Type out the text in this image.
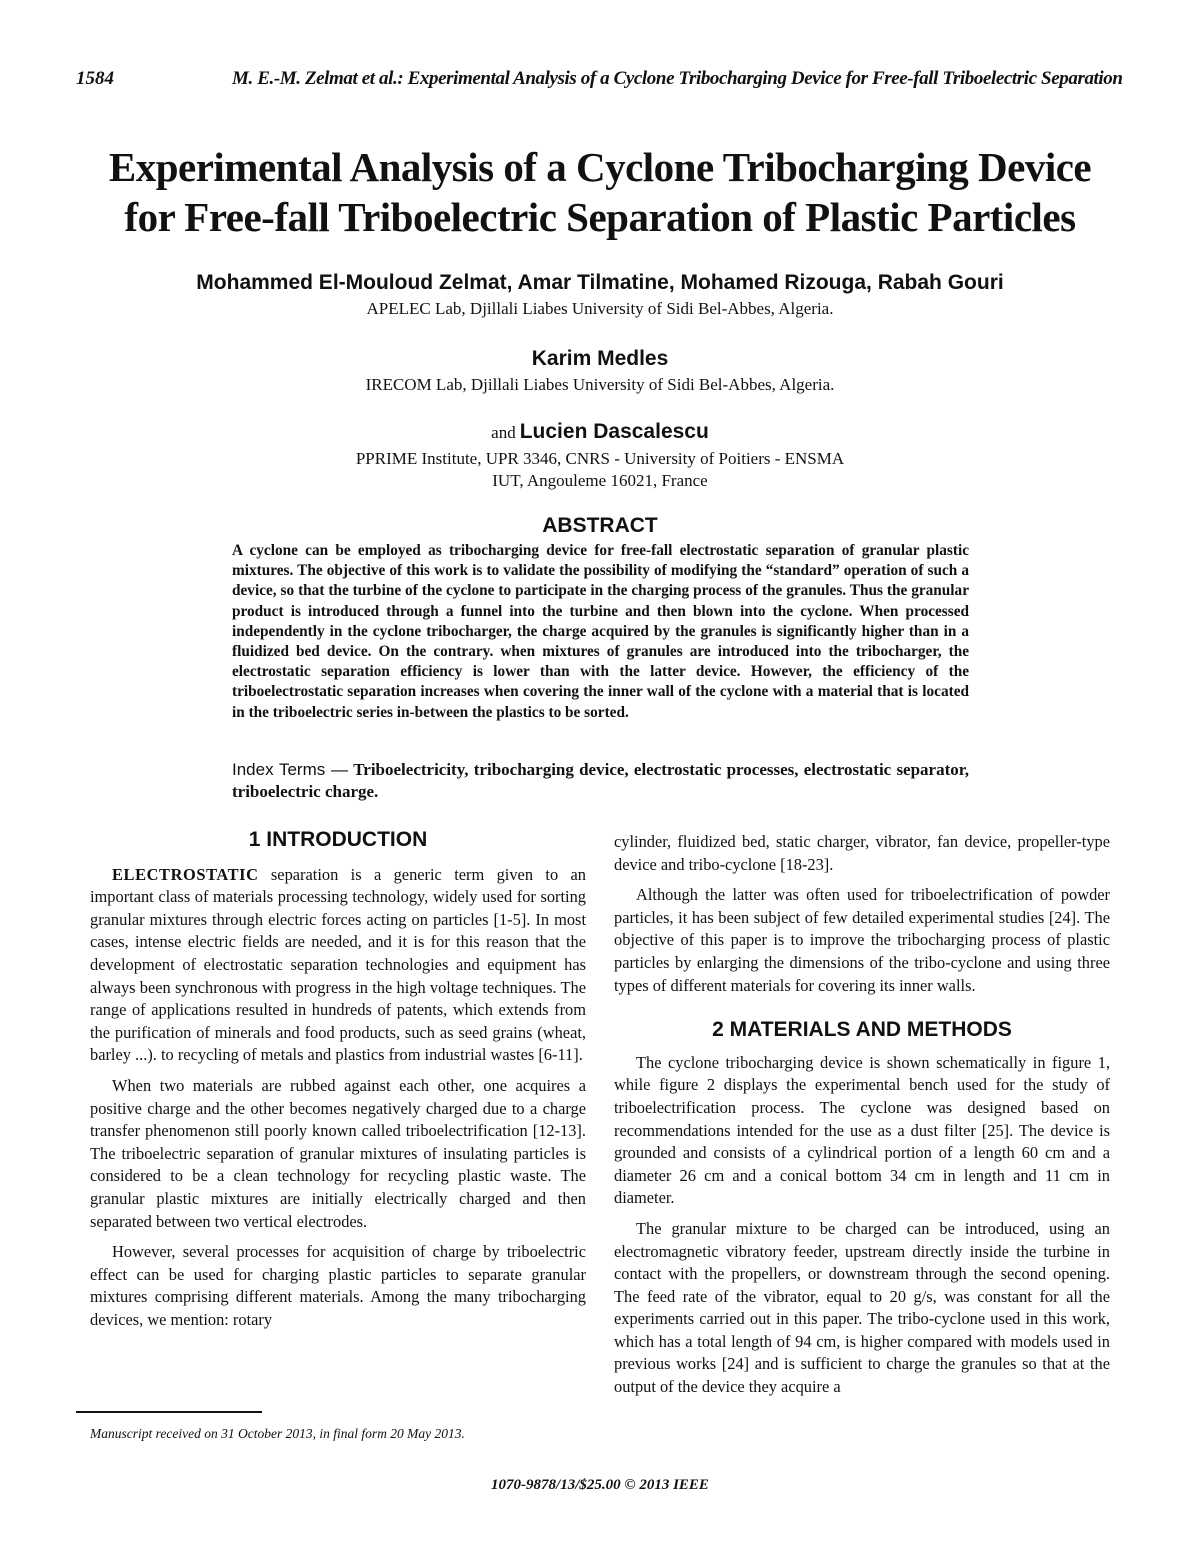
1584	M. E.-M. Zelmat et al.: Experimental Analysis of a Cyclone Tribocharging Device for Free-fall Triboelectric Separation
Experimental Analysis of a Cyclone Tribocharging Device
for Free-fall Triboelectric Separation of Plastic Particles
Mohammed El-Mouloud Zelmat, Amar Tilmatine, Mohamed Rizouga, Rabah Gouri
APELEC Lab, Djillali Liabes University of Sidi Bel-Abbes, Algeria.
Karim Medles
IRECOM Lab, Djillali Liabes University of Sidi Bel-Abbes, Algeria.
and Lucien Dascalescu
PPRIME Institute, UPR 3346, CNRS - University of Poitiers - ENSMA
IUT, Angouleme 16021, France
ABSTRACT
A cyclone can be employed as tribocharging device for free-fall electrostatic separation of granular plastic mixtures. The objective of this work is to validate the possibility of modifying the “standard” operation of such a device, so that the turbine of the cyclone to participate in the charging process of the granules. Thus the granular product is introduced through a funnel into the turbine and then blown into the cyclone. When processed independently in the cyclone tribocharger, the charge acquired by the granules is significantly higher than in a fluidized bed device. On the contrary. when mixtures of granules are introduced into the tribocharger, the electrostatic separation efficiency is lower than with the latter device. However, the efficiency of the triboelectrostatic separation increases when covering the inner wall of the cyclone with a material that is located in the triboelectric series in-between the plastics to be sorted.
Index Terms — Triboelectricity, tribocharging device, electrostatic processes, electrostatic separator, triboelectric charge.
1 INTRODUCTION

ELECTROSTATIC separation is a generic term given to an important class of materials processing technology, widely used for sorting granular mixtures through electric forces acting on particles [1-5]. In most cases, intense electric fields are needed, and it is for this reason that the development of electrostatic separation technologies and equipment has always been synchronous with progress in the high voltage techniques. The range of applications resulted in hundreds of patents, which extends from the purification of minerals and food products, such as seed grains (wheat, barley ...). to recycling of metals and plastics from industrial wastes [6-11].

When two materials are rubbed against each other, one acquires a positive charge and the other becomes negatively charged due to a charge transfer phenomenon still poorly known called triboelectrification [12-13]. The triboelectric separation of granular mixtures of insulating particles is considered to be a clean technology for recycling plastic waste. The granular plastic mixtures are initially electrically charged and then separated between two vertical electrodes.

However, several processes for acquisition of charge by triboelectric effect can be used for charging plastic particles to separate granular mixtures comprising different materials. Among the many tribocharging devices, we mention: rotary

cylinder, fluidized bed, static charger, vibrator, fan device, propeller-type device and tribo-cyclone [18-23].

Although the latter was often used for triboelectrification of powder particles, it has been subject of few detailed experimental studies [24]. The objective of this paper is to improve the tribocharging process of plastic particles by enlarging the dimensions of the tribo-cyclone and using three types of different materials for covering its inner walls.

2 MATERIALS AND METHODS

The cyclone tribocharging device is shown schematically in figure 1, while figure 2 displays the experimental bench used for the study of triboelectrification process. The cyclone was designed based on recommendations intended for the use as a dust filter [25]. The device is grounded and consists of a cylindrical portion of a length 60 cm and a diameter 26 cm and a conical bottom 34 cm in length and 11 cm in diameter.

The granular mixture to be charged can be introduced, using an electromagnetic vibratory feeder, upstream directly inside the turbine in contact with the propellers, or downstream through the second opening. The feed rate of the vibrator, equal to 20 g/s, was constant for all the experiments carried out in this paper. The tribo-cyclone used in this work, which has a total length of 94 cm, is higher compared with models used in previous works [24] and is sufficient to charge the granules so that at the output of the device they acquire a

Manuscript received on 31 October 2013, in final form 20 May 2013.
1070-9878/13/$25.00 © 2013 IEEE
